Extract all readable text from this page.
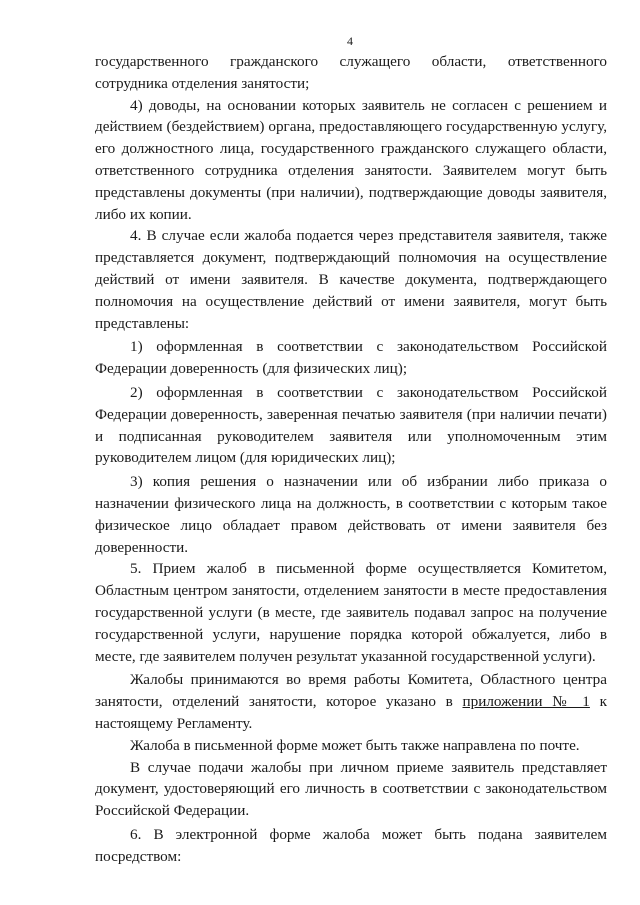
4

государственного гражданского служащего области, ответственного сотрудника отделения занятости;

4) доводы, на основании которых заявитель не согласен с решением и действием (бездействием) органа, предоставляющего государственную услугу, его должностного лица, государственного гражданского служащего области, ответственного сотрудника отделения занятости. Заявителем могут быть представлены документы (при наличии), подтверждающие доводы заявителя, либо их копии.

4. В случае если жалоба подается через представителя заявителя, также представляется документ, подтверждающий полномочия на осуществление действий от имени заявителя. В качестве документа, подтверждающего полномочия на осуществление действий от имени заявителя, могут быть представлены:

1) оформленная в соответствии с законодательством Российской Федерации доверенность (для физических лиц);

2) оформленная в соответствии с законодательством Российской Федерации доверенность, заверенная печатью заявителя (при наличии печати) и подписанная руководителем заявителя или уполномоченным этим руководителем лицом (для юридических лиц);

3) копия решения о назначении или об избрании либо приказа о назначении физического лица на должность, в соответствии с которым такое физическое лицо обладает правом действовать от имени заявителя без доверенности.

5. Прием жалоб в письменной форме осуществляется Комитетом, Областным центром занятости, отделением занятости в месте предоставления государственной услуги (в месте, где заявитель подавал запрос на получение государственной услуги, нарушение порядка которой обжалуется, либо в месте, где заявителем получен результат указанной государственной услуги).

Жалобы принимаются во время работы Комитета, Областного центра занятости, отделений занятости, которое указано в приложении № 1 к настоящему Регламенту.

Жалоба в письменной форме может быть также направлена по почте.

В случае подачи жалобы при личном приеме заявитель представляет документ, удостоверяющий его личность в соответствии с законодательством Российской Федерации.

6. В электронной форме жалоба может быть подана заявителем посредством:
